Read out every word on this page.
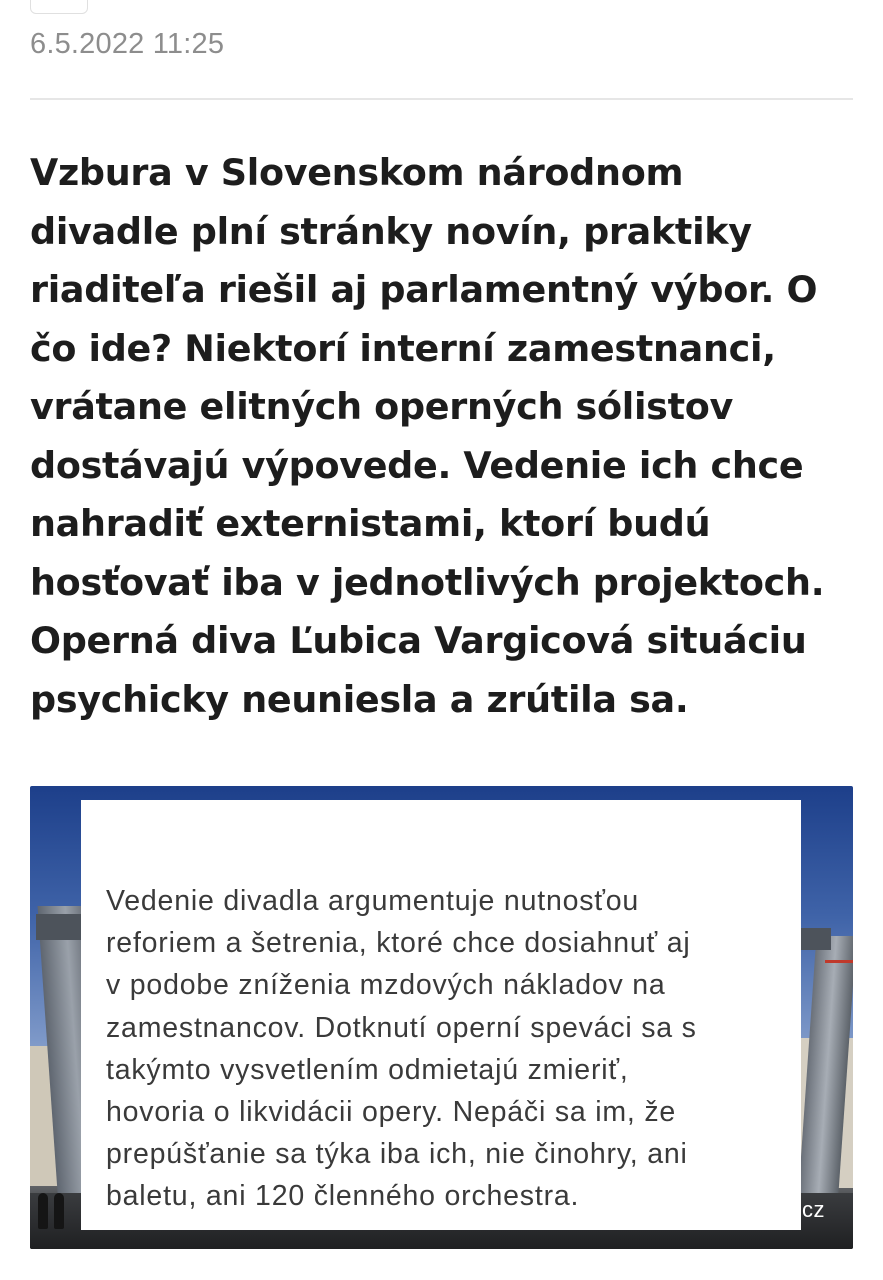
6.5.2022 11:25

Vzbura v Slovenskom národnom
divadle plní stránky novín, praktiky
riaditeľa riešil aj parlamentný výbor. O
čo ide? Niektorí interní zamestnanci,
vrátane elitných operných sólistov
dostávajú výpovede. Vedenie ich chce
nahradiť externistami, ktorí budú
hosťovať iba v jednotlivých projektoch.
Operná diva Ľubica Vargicová situáciu
psychicky neuniesla a zrútila sa.

cz

Vedenie divadla argumentuje nutnosťou
reforiem a šetrenia, ktoré chce dosiahnuť aj
v podobe zníženia mzdových nákladov na
zamestnancov. Dotknutí operní speváci sa s
takýmto vysvetlením odmietajú zmieriť,
hovoria o likvidácii opery. Nepáči sa im, že
prepúšťanie sa týka iba ich, nie činohry, ani
baletu, ani 120 členného orchestra.
